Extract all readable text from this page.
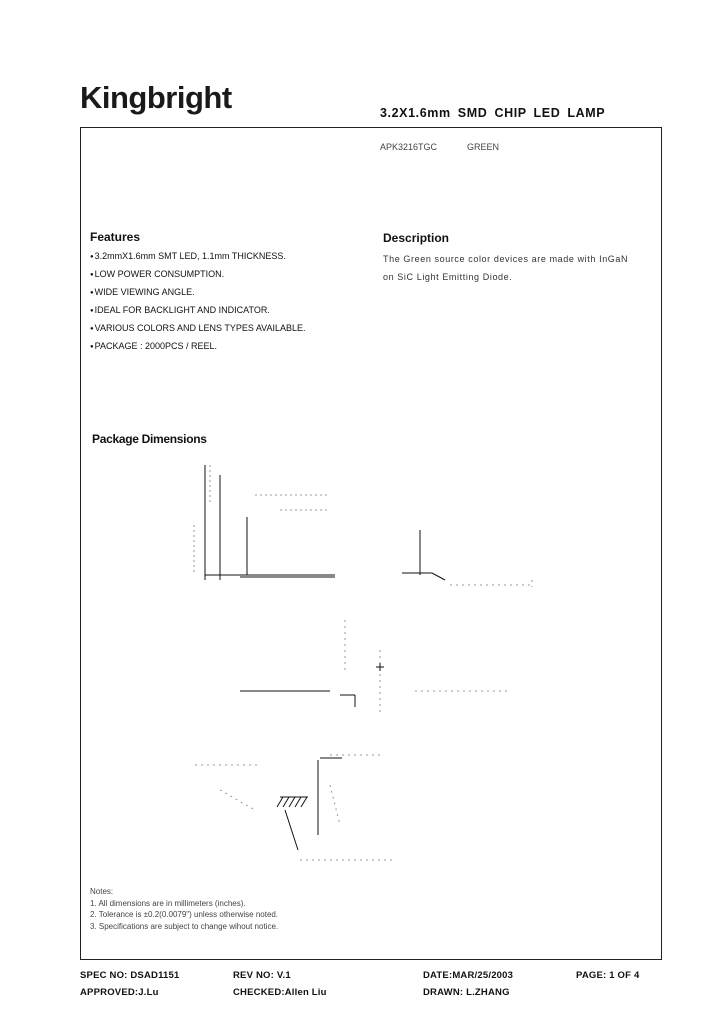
Kingbright	3.2X1.6mm SMD CHIP LED LAMP
APK3216TGC	GREEN
Features
● 3.2mmX1.6mm SMT LED, 1.1mm THICKNESS.
● LOW POWER CONSUMPTION.
● WIDE VIEWING ANGLE.
● IDEAL FOR BACKLIGHT AND INDICATOR.
● VARIOUS COLORS AND LENS TYPES AVAILABLE.
● PACKAGE : 2000PCS / REEL.
Description
The Green source color devices are made with InGaN on SiC Light Emitting Diode.
Package Dimensions
Notes:
1. All dimensions are in millimeters (inches).
2. Tolerance is ±0.2(0.0079") unless otherwise noted.
3. Specifications are subject to change wihout notice.
SPEC NO: DSAD1151	REV NO: V.1	DATE:MAR/25/2003	PAGE: 1 OF 4
APPROVED:J.Lu	CHECKED:Allen Liu	DRAWN: L.ZHANG
